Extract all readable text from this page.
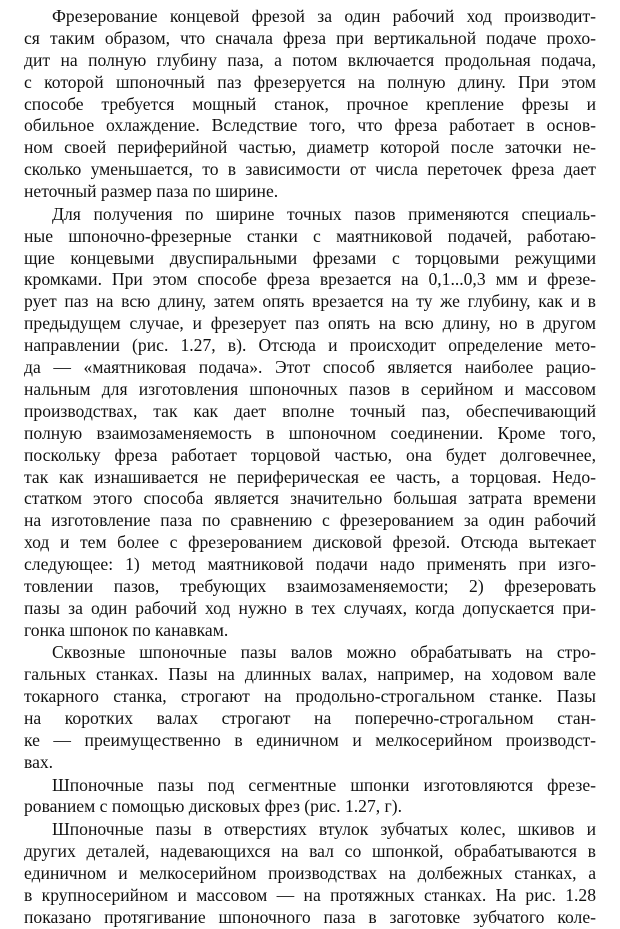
Фрезерование концевой фрезой за один рабочий ход производит-
ся таким образом, что сначала фреза при вертикальной подаче прохо-
дит на полную глубину паза, а потом включается продольная подача,
с которой шпоночный паз фрезеруется на полную длину. При этом
способе требуется мощный станок, прочное крепление фрезы и
обильное охлаждение. Вследствие того, что фреза работает в основ-
ном своей периферийной частью, диаметр которой после заточки не-
сколько уменьшается, то в зависимости от числа переточек фреза дает
неточный размер паза по ширине.
Для получения по ширине точных пазов применяются специаль-
ные шпоночно-фрезерные станки с маятниковой подачей, работаю-
щие концевыми двуспиральными фрезами с торцовыми режущими
кромками. При этом способе фреза врезается на 0,1...0,3 мм и фрезе-
рует паз на всю длину, затем опять врезается на ту же глубину, как и в
предыдущем случае, и фрезерует паз опять на всю длину, но в другом
направлении (рис. 1.27, в). Отсюда и происходит определение мето-
да — «маятниковая подача». Этот способ является наиболее рацио-
нальным для изготовления шпоночных пазов в серийном и массовом
производствах, так как дает вполне точный паз, обеспечивающий
полную взаимозаменяемость в шпоночном соединении. Кроме того,
поскольку фреза работает торцовой частью, она будет долговечнее,
так как изнашивается не периферическая ее часть, а торцовая. Недо-
статком этого способа является значительно большая затрата времени
на изготовление паза по сравнению с фрезерованием за один рабочий
ход и тем более с фрезерованием дисковой фрезой. Отсюда вытекает
следующее: 1) метод маятниковой подачи надо применять при изго-
товлении пазов, требующих взаимозаменяемости; 2) фрезеровать
пазы за один рабочий ход нужно в тех случаях, когда допускается при-
гонка шпонок по канавкам.
Сквозные шпоночные пазы валов можно обрабатывать на стро-
гальных станках. Пазы на длинных валах, например, на ходовом вале
токарного станка, строгают на продольно-строгальном станке. Пазы
на коротких валах строгают на поперечно-строгальном стан-
ке — преимущественно в единичном и мелкосерийном производст-
вах.
Шпоночные пазы под сегментные шпонки изготовляются фрезе-
рованием с помощью дисковых фрез (рис. 1.27, г).
Шпоночные пазы в отверстиях втулок зубчатых колес, шкивов и
других деталей, надевающихся на вал со шпонкой, обрабатываются в
единичном и мелкосерийном производствах на долбежных станках, а
в крупносерийном и массовом — на протяжных станках. На рис. 1.28
показано протягивание шпоночного паза в заготовке зубчатого коле-
